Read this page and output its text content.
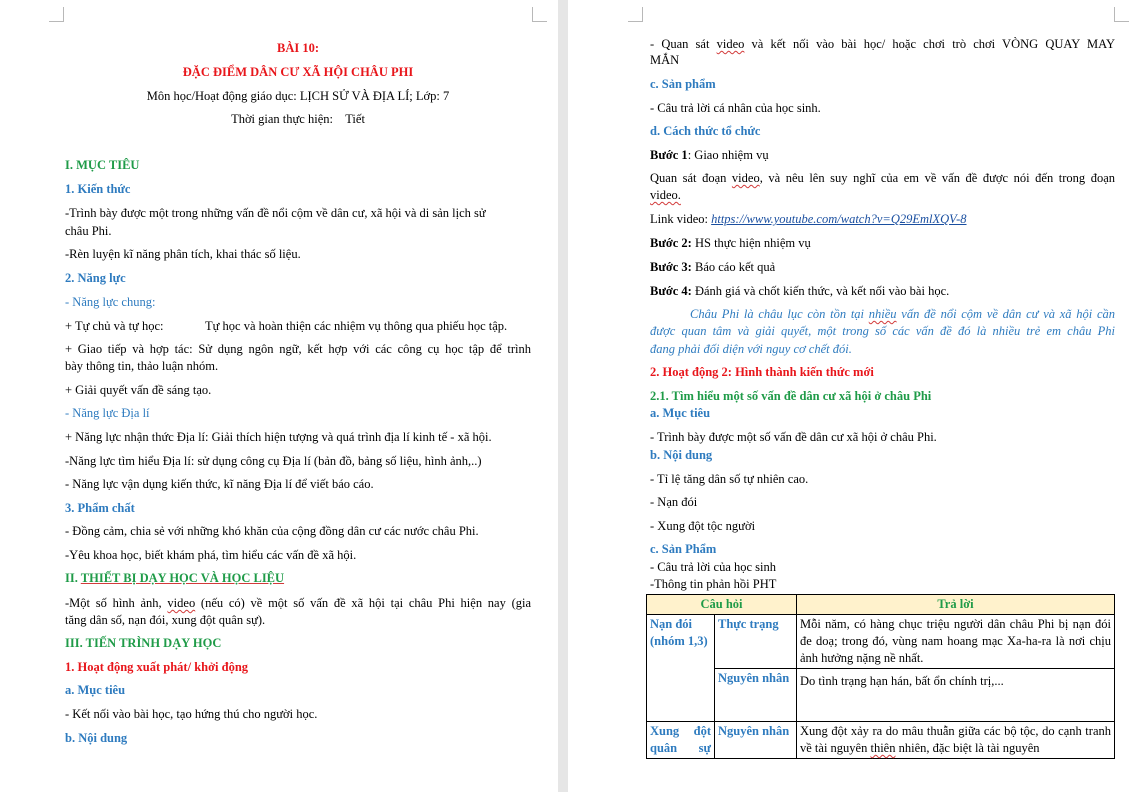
BÀI 10:
ĐẶC ĐIỂM DÂN CƯ XÃ HỘI CHÂU PHI
Môn học/Hoạt động giáo dục: LỊCH SỬ VÀ ĐỊA LÍ; Lớp: 7
Thời gian thực hiện:    Tiết
I. MỤC TIÊU
1. Kiến thức
-Trình bày được một trong những vấn đề nổi cộm về dân cư, xã hội và di sản lịch sử
châu Phi.
-Rèn luyện kĩ năng phân tích, khai thác số liệu.
2. Năng lực
- Năng lực chung:
+ Tự chủ và tự học:	Tự học và hoàn thiện các nhiệm vụ thông qua phiếu học tập.
+ Giao tiếp và hợp tác: Sử dụng ngôn ngữ, kết hợp với các công cụ học tập để trình
bày thông tin, thảo luận nhóm.
+ Giải quyết vấn đề sáng tạo.
- Năng lực Địa lí
+ Năng lực nhận thức Địa lí: Giải thích hiện tượng và quá trình địa lí kinh tế - xã hội.
-Năng lực tìm hiểu Địa lí: sử dụng công cụ Địa lí (bản đồ, bảng số liệu, hình ảnh,..)
- Năng lực vận dụng kiến thức, kĩ năng Địa lí để viết báo cáo.
3. Phẩm chất
- Đồng cảm, chia sẻ với những khó khăn của cộng đồng dân cư các nước châu Phi.
-Yêu khoa học, biết khám phá, tìm hiểu các vấn đề xã hội.
II. THIẾT BỊ DẠY HỌC VÀ HỌC LIỆU
-Một số hình ảnh, video (nếu có) về một số vấn đề xã hội tại châu Phi hiện nay (gia
tăng dân số, nạn đói, xung đột quân sự).
III. TIẾN TRÌNH DẠY HỌC
1. Hoạt động xuất phát/ khởi động
a. Mục tiêu
- Kết nối vào bài học, tạo hứng thú cho người học.
b. Nội dung
- Quan sát video và kết nối vào bài học/ hoặc chơi trò chơi VÒNG QUAY MAY
MẮN
c. Sản phẩm
- Câu trả lời cá nhân của học sinh.
d. Cách thức tổ chức
Bước 1: Giao nhiệm vụ
Quan sát đoạn video, và nêu lên suy nghĩ của em về vấn đề được nói đến trong đoạn
video.
Link video: https://www.youtube.com/watch?v=Q29EmlXQV-8
Bước 2: HS thực hiện nhiệm vụ
Bước 3: Báo cáo kết quả
Bước 4: Đánh giá và chốt kiến thức, và kết nối vào bài học.
Châu Phi là châu lục còn tồn tại nhiều vấn đề nổi cộm về dân cư và xã hội cần
được quan tâm và giải quyết, một trong số các vấn đề đó là nhiều trẻ em châu Phi
đang phải đối diện với nguy cơ chết đói.
2. Hoạt động 2: Hình thành kiến thức mới
2.1. Tìm hiểu một số vấn đề dân cư xã hội ở châu Phi
a. Mục tiêu
- Trình bày được một số vấn đề dân cư xã hội ở châu Phi.
b. Nội dung
- Tỉ lệ tăng dân số tự nhiên cao.
- Nạn đói
- Xung đột tộc người
c. Sản Phẩm
- Câu trả lời của học sinh
-Thông tin phản hồi PHT
Câu hỏi		Trả lời
Nạn đói (nhóm 1,3)	Thực trạng	Mỗi năm, có hàng chục triệu người dân châu Phi bị nạn đói đe doạ; trong đó, vùng nam hoang mạc Xa-ha-ra là nơi chịu ảnh hưởng nặng nề nhất.
	Nguyên nhân	Do tình trạng hạn hán, bất ổn chính trị,...
Xung đột quân sự	Nguyên nhân	Xung đột xảy ra do mâu thuẫn giữa các bộ tộc, do cạnh tranh về tài nguyên thiên nhiên, đặc biệt là tài nguyên
